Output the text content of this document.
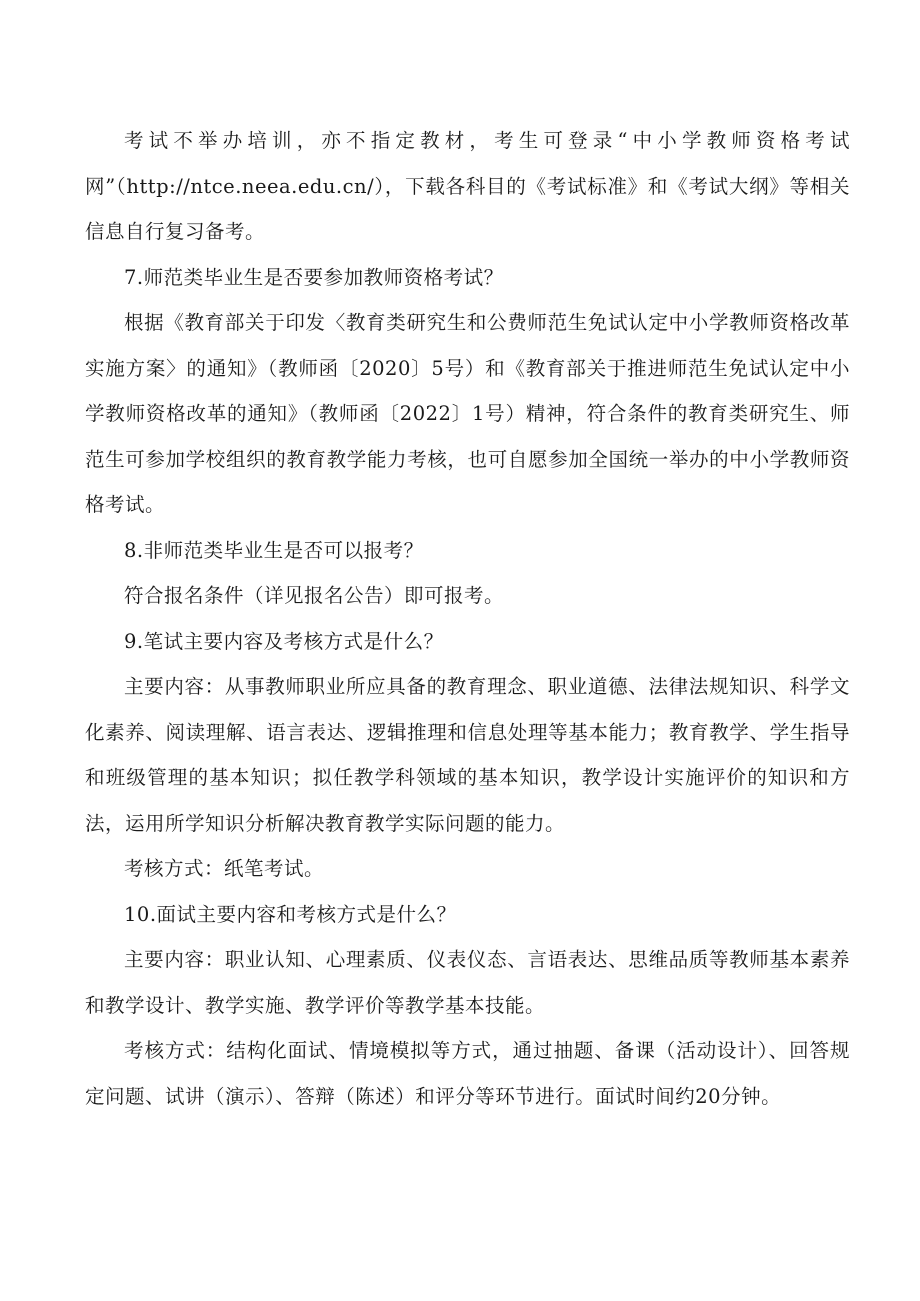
考试不举办培训，亦不指定教材，考生可登录“中小学教师资格考试网”（http://ntce.neea.edu.cn/），下载各科目的《考试标准》和《考试大纲》等相关信息自行复习备考。

7.师范类毕业生是否要参加教师资格考试？

根据《教育部关于印发〈教育类研究生和公费师范生免试认定中小学教师资格改革实施方案〉的通知》（教师函〔2020〕5号）和《教育部关于推进师范生免试认定中小学教师资格改革的通知》（教师函〔2022〕1号）精神，符合条件的教育类研究生、师范生可参加学校组织的教育教学能力考核，也可自愿参加全国统一举办的中小学教师资格考试。

8.非师范类毕业生是否可以报考？

符合报名条件（详见报名公告）即可报考。

9.笔试主要内容及考核方式是什么？

主要内容：从事教师职业所应具备的教育理念、职业道德、法律法规知识、科学文化素养、阅读理解、语言表达、逻辑推理和信息处理等基本能力；教育教学、学生指导和班级管理的基本知识；拟任教学科领域的基本知识，教学设计实施评价的知识和方法，运用所学知识分析解决教育教学实际问题的能力。

考核方式：纸笔考试。

10.面试主要内容和考核方式是什么？

主要内容：职业认知、心理素质、仪表仪态、言语表达、思维品质等教师基本素养和教学设计、教学实施、教学评价等教学基本技能。

考核方式：结构化面试、情境模拟等方式，通过抽题、备课（活动设计）、回答规定问题、试讲（演示）、答辩（陈述）和评分等环节进行。面试时间约20分钟。
